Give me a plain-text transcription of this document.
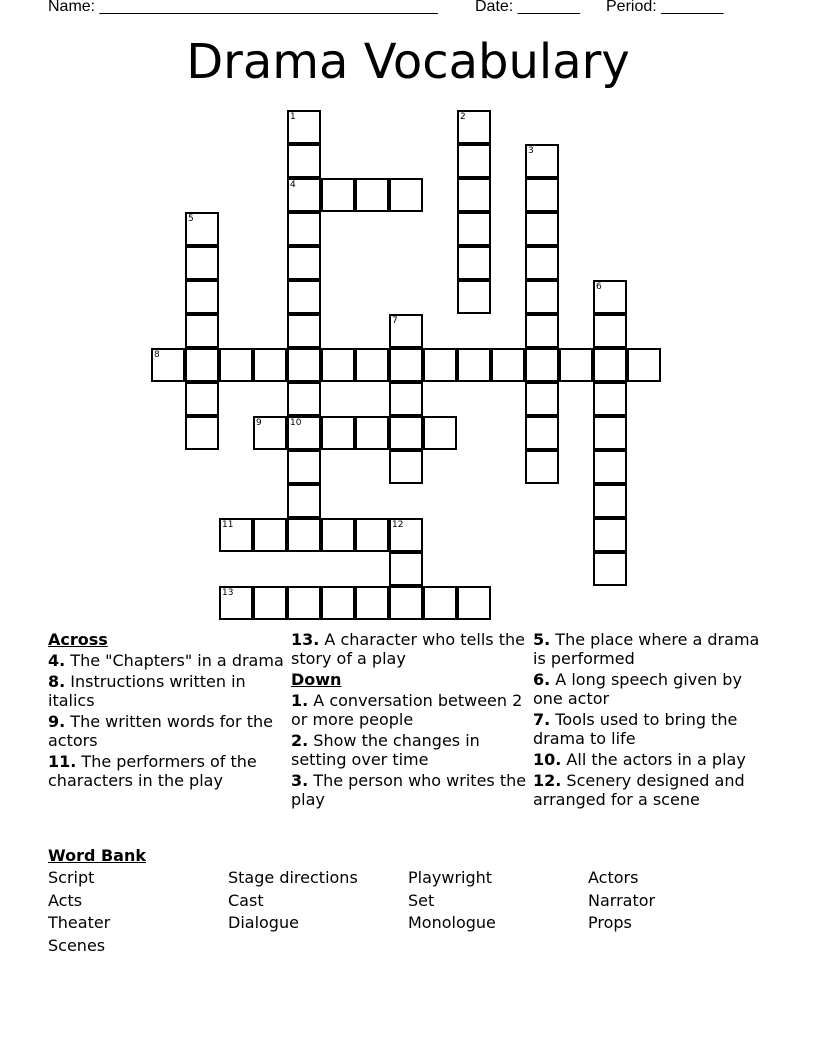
Name: ______________________________________

Date: _______

Period: _______

Drama Vocabulary
1
4
10
2
3
5
6
7
8
9
11	12
13
Across
4. The "Chapters" in a drama
8. Instructions written in italics
9. The written words for the actors
11. The performers of the characters in the play
13. A character who tells the story of a play
Down
1. A conversation between 2 or more people
2. Show the changes in setting over time
3. The person who writes the play
5. The place where a drama is performed
6. A long speech given by one actor
7. Tools used to bring the drama to life
10. All the actors in a play
12. Scenery designed and arranged for a scene
Word Bank
Script	Stage directions	Playwright	Actors
Acts	Cast	Set	Narrator
Theater	Dialogue	Monologue	Props
Scenes
